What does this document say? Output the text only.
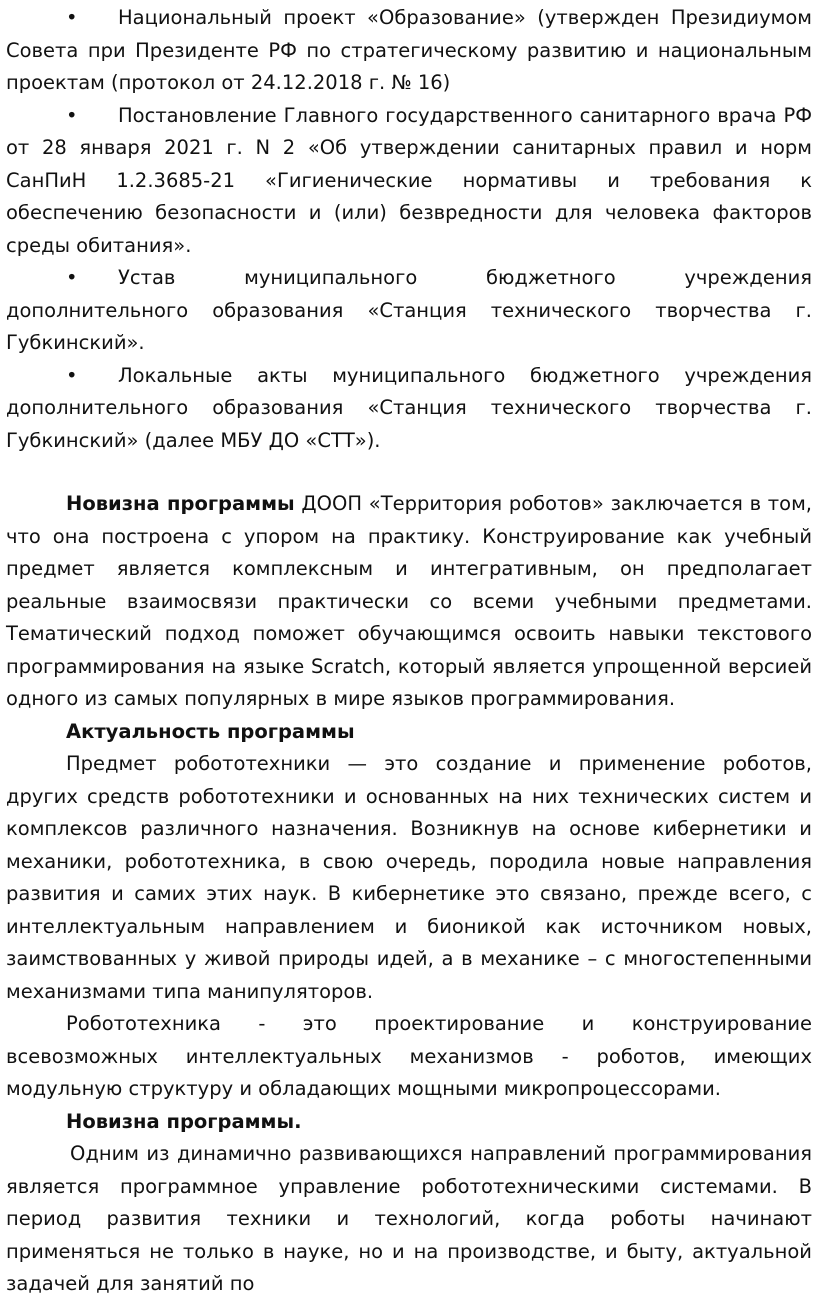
• Национальный проект «Образование» (утвержден Президиумом Совета при Президенте РФ по стратегическому развитию и национальным проектам (протокол от 24.12.2018 г. № 16)

• Постановление Главного государственного санитарного врача РФ от 28 января 2021 г. N 2 «Об утверждении санитарных правил и норм СанПиН 1.2.3685-21 «Гигиенические нормативы и требования к обеспечению безопасности и (или) безвредности для человека факторов среды обитания».

• Устав муниципального бюджетного учреждения дополнительного образования «Станция технического творчества г. Губкинский».

• Локальные акты муниципального бюджетного учреждения дополнительного образования «Станция технического творчества г. Губкинский» (далее МБУ ДО «СТТ»).

Новизна программы ДООП «Территория роботов» заключается в том, что она построена с упором на практику. Конструирование как учебный предмет является комплексным и интегративным, он предполагает реальные взаимосвязи практически со всеми учебными предметами. Тематический подход поможет обучающимся освоить навыки текстового программирования на языке Scratch, который является упрощенной версией одного из самых популярных в мире языков программирования.

Актуальность программы

Предмет робототехники — это создание и применение роботов, других средств робототехники и основанных на них технических систем и комплексов различного назначения. Возникнув на основе кибернетики и механики, робототехника, в свою очередь, породила новые направления развития и самих этих наук. В кибернетике это связано, прежде всего, с интеллектуальным направлением и бионикой как источником новых, заимствованных у живой природы идей, а в механике – с многостепенными механизмами типа манипуляторов.

Робототехника - это проектирование и конструирование всевозможных интеллектуальных механизмов - роботов, имеющих модульную структуру и обладающих мощными микропроцессорами.

Новизна программы.

Одним из динамично развивающихся направлений программирования является программное управление робототехническими системами. В период развития техники и технологий, когда роботы начинают применяться не только в науке, но и на производстве, и быту, актуальной задачей для занятий по
